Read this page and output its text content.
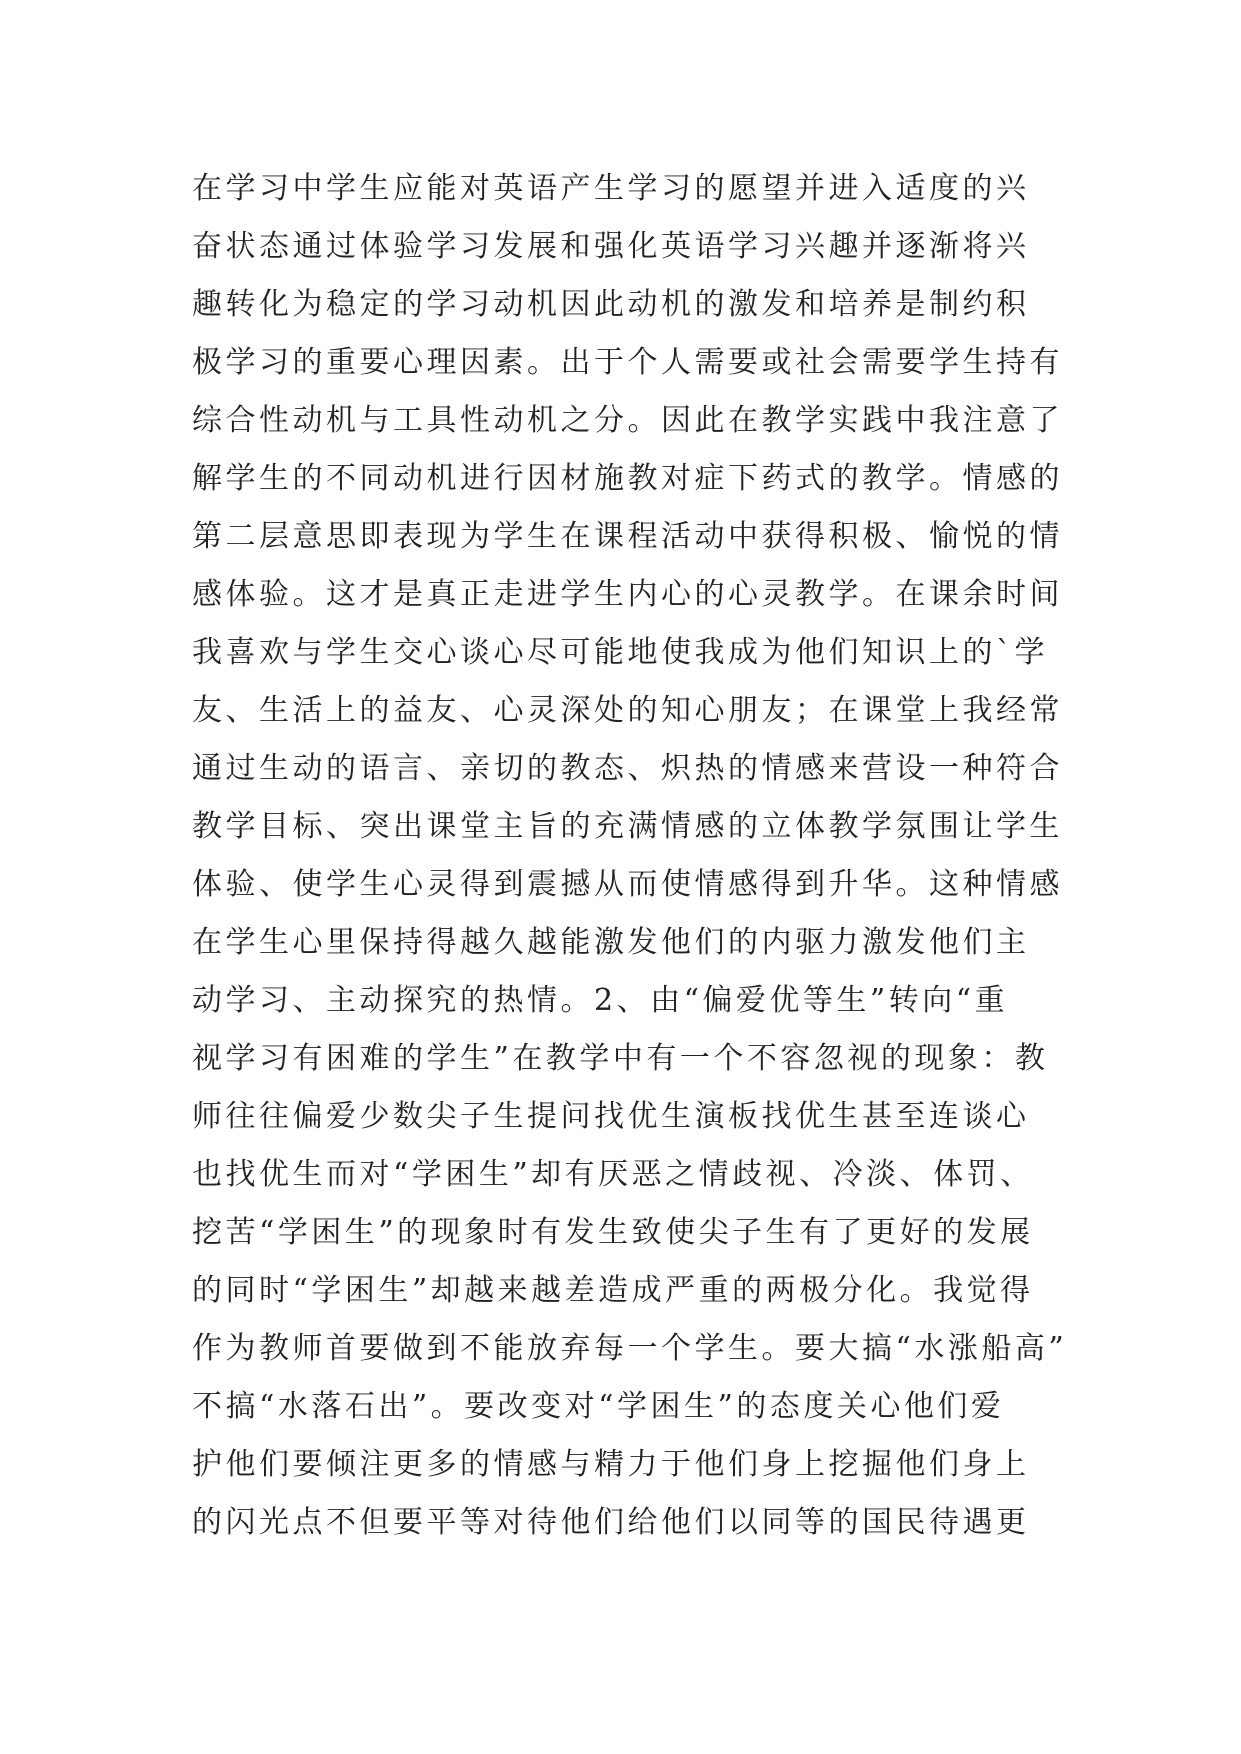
在学习中学生应能对英语产生学习的愿望并进入适度的兴
奋状态通过体验学习发展和强化英语学习兴趣并逐渐将兴
趣转化为稳定的学习动机因此动机的激发和培养是制约积
极学习的重要心理因素。出于个人需要或社会需要学生持有
综合性动机与工具性动机之分。因此在教学实践中我注意了
解学生的不同动机进行因材施教对症下药式的教学。情感的
第二层意思即表现为学生在课程活动中获得积极、愉悦的情
感体验。这才是真正走进学生内心的心灵教学。在课余时间
我喜欢与学生交心谈心尽可能地使我成为他们知识上的`学
友、生活上的益友、心灵深处的知心朋友；在课堂上我经常
通过生动的语言、亲切的教态、炽热的情感来营设一种符合
教学目标、突出课堂主旨的充满情感的立体教学氛围让学生
体验、使学生心灵得到震撼从而使情感得到升华。这种情感
在学生心里保持得越久越能激发他们的内驱力激发他们主
动学习、主动探究的热情。2、由“偏爱优等生”转向“重
视学习有困难的学生”在教学中有一个不容忽视的现象：教
师往往偏爱少数尖子生提问找优生演板找优生甚至连谈心
也找优生而对“学困生”却有厌恶之情歧视、冷淡、体罚、
挖苦“学困生”的现象时有发生致使尖子生有了更好的发展
的同时“学困生”却越来越差造成严重的两极分化。我觉得
作为教师首要做到不能放弃每一个学生。要大搞“水涨船高”
不搞“水落石出”。要改变对“学困生”的态度关心他们爱
护他们要倾注更多的情感与精力于他们身上挖掘他们身上
的闪光点不但要平等对待他们给他们以同等的国民待遇更
